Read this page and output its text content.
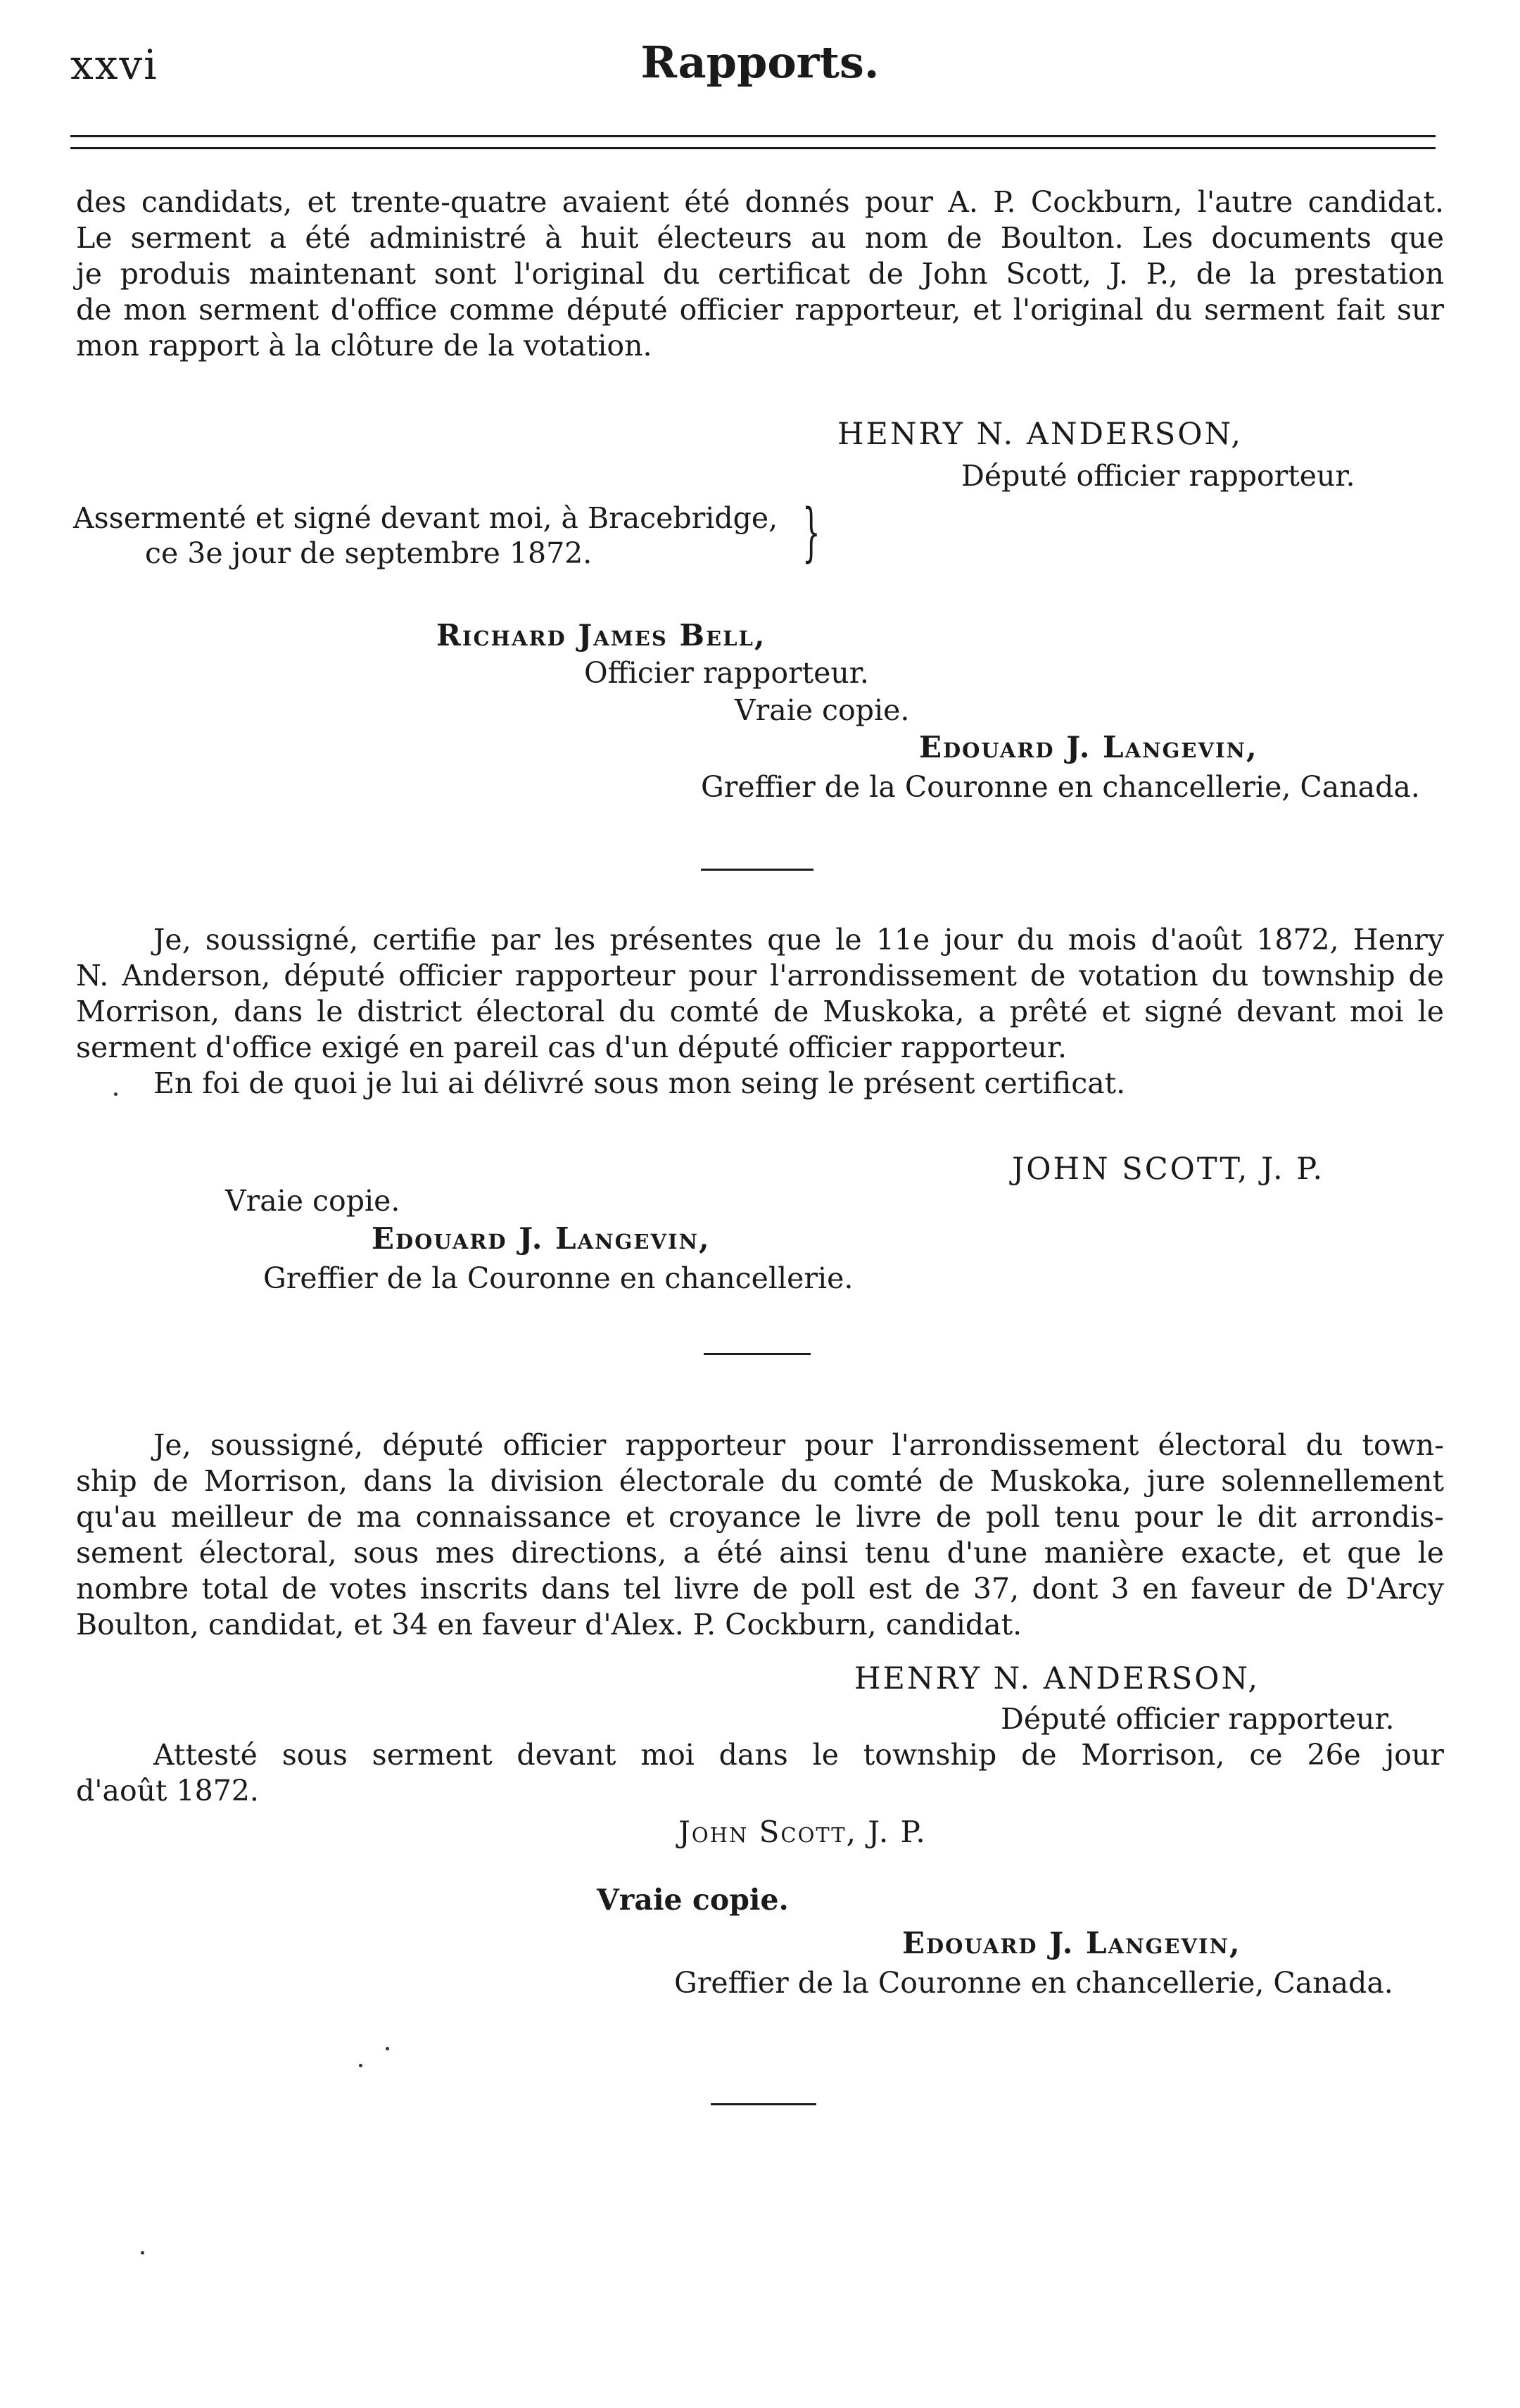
xxvi	Rapports.
des candidats, et trente-quatre avaient été donnés pour A. P. Cockburn, l'autre candidat.
Le serment a été administré à huit électeurs au nom de Boulton. Les documents que
je produis maintenant sont l'original du certificat de John Scott, J. P., de la prestation
de mon serment d'office comme député officier rapporteur, et l'original du serment fait sur
mon rapport à la clôture de la votation.
HENRY N. ANDERSON,
Député officier rapporteur.
Assermenté et signé devant moi, à Bracebridge,
ce 3e jour de septembre 1872.	}
Richard James Bell,
Officier rapporteur.
Vraie copie.
Edouard J. Langevin,
Greffier de la Couronne en chancellerie, Canada.
Je, soussigné, certifie par les présentes que le 11e jour du mois d'août 1872, Henry
N. Anderson, député officier rapporteur pour l'arrondissement de votation du township de
Morrison, dans le district électoral du comté de Muskoka, a prêté et signé devant moi le
serment d'office exigé en pareil cas d'un député officier rapporteur.
En foi de quoi je lui ai délivré sous mon seing le présent certificat.
JOHN SCOTT, J. P.
Vraie copie.
Edouard J. Langevin,
Greffier de la Couronne en chancellerie.
Je, soussigné, député officier rapporteur pour l'arrondissement électoral du town-
ship de Morrison, dans la division électorale du comté de Muskoka, jure solennellement
qu'au meilleur de ma connaissance et croyance le livre de poll tenu pour le dit arrondis-
sement électoral, sous mes directions, a été ainsi tenu d'une manière exacte, et que le
nombre total de votes inscrits dans tel livre de poll est de 37, dont 3 en faveur de D'Arcy
Boulton, candidat, et 34 en faveur d'Alex. P. Cockburn, candidat.
HENRY N. ANDERSON,
Député officier rapporteur.
Attesté sous serment devant moi dans le township de Morrison, ce 26e jour
d'août 1872.
John Scott, J. P.
Vraie copie.
Edouard J. Langevin,
Greffier de la Couronne en chancellerie, Canada.
